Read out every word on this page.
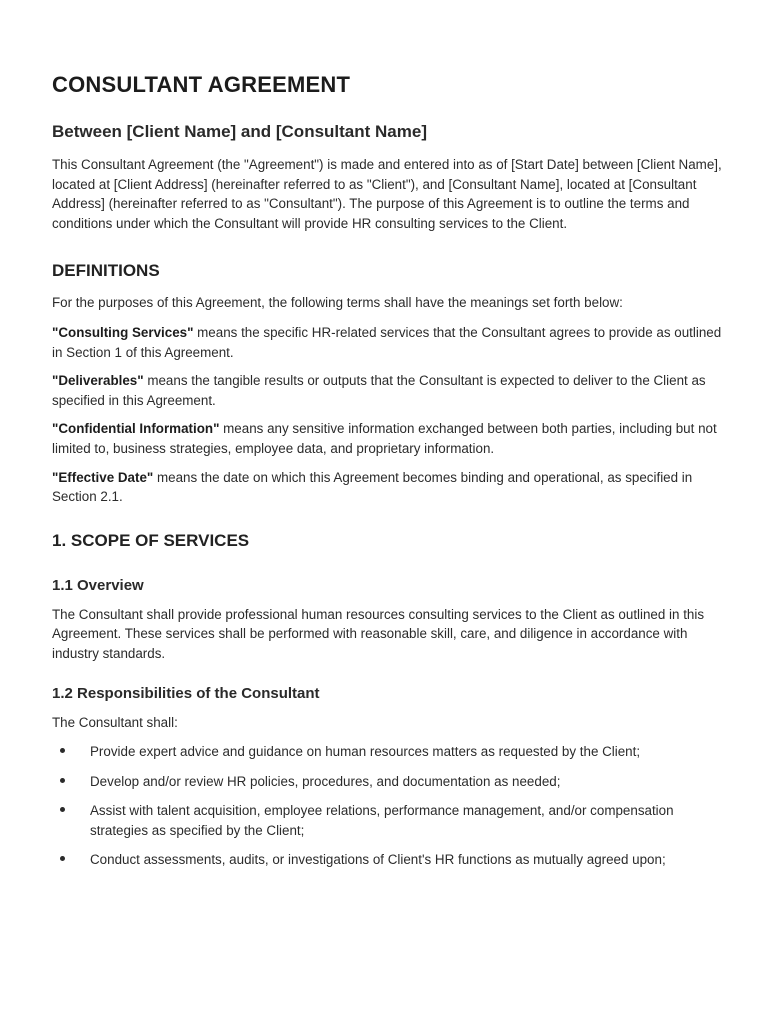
CONSULTANT AGREEMENT
Between [Client Name] and [Consultant Name]

This Consultant Agreement (the "Agreement") is made and entered into as of [Start Date] between [Client Name], located at [Client Address] (hereinafter referred to as "Client"), and [Consultant Name], located at [Consultant Address] (hereinafter referred to as "Consultant"). The purpose of this Agreement is to outline the terms and conditions under which the Consultant will provide HR consulting services to the Client.

DEFINITIONS

For the purposes of this Agreement, the following terms shall have the meanings set forth below:

"Consulting Services" means the specific HR-related services that the Consultant agrees to provide as outlined in Section 1 of this Agreement.

"Deliverables" means the tangible results or outputs that the Consultant is expected to deliver to the Client as specified in this Agreement.

"Confidential Information" means any sensitive information exchanged between both parties, including but not limited to, business strategies, employee data, and proprietary information.

"Effective Date" means the date on which this Agreement becomes binding and operational, as specified in Section 2.1.

1. SCOPE OF SERVICES
1.1 Overview

The Consultant shall provide professional human resources consulting services to the Client as outlined in this Agreement. These services shall be performed with reasonable skill, care, and diligence in accordance with industry standards.

1.2 Responsibilities of the Consultant

The Consultant shall:

Provide expert advice and guidance on human resources matters as requested by the Client;
Develop and/or review HR policies, procedures, and documentation as needed;
Assist with talent acquisition, employee relations, performance management, and/or compensation strategies as specified by the Client;
Conduct assessments, audits, or investigations of Client's HR functions as mutually agreed upon;
